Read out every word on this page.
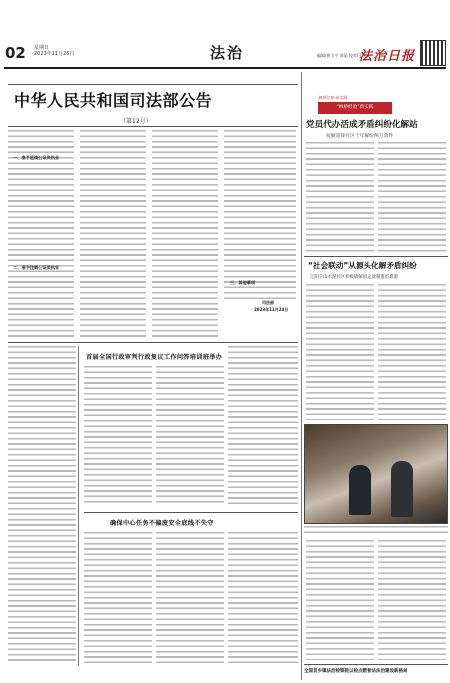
02 星期日
2023年11月26日	法治	编辑/黄卫平 周晶 校对/王雪
法治日报
中华人民共和国司法部公告
（第12号）
一、准予延续公证员执业
二、准予注销公证员执业
三、其他事项
司法部
2023年11月24日
首届全国行政审判行政复议工作问答培训班举办
确保中心任务不偏废安全底线不失守
枫桥经验·新实践
“枫桥经验”新实践
党员代办活成矛盾纠纷化解站
抚顺雷锋社区十年解纷两万余件
“社会联动”从源头化解矛盾纠纷
辽阳千山水泥社区积极破解固企效制遗留难题
全国首乡镇法治检察院以检点燃普法法治建设新格局
